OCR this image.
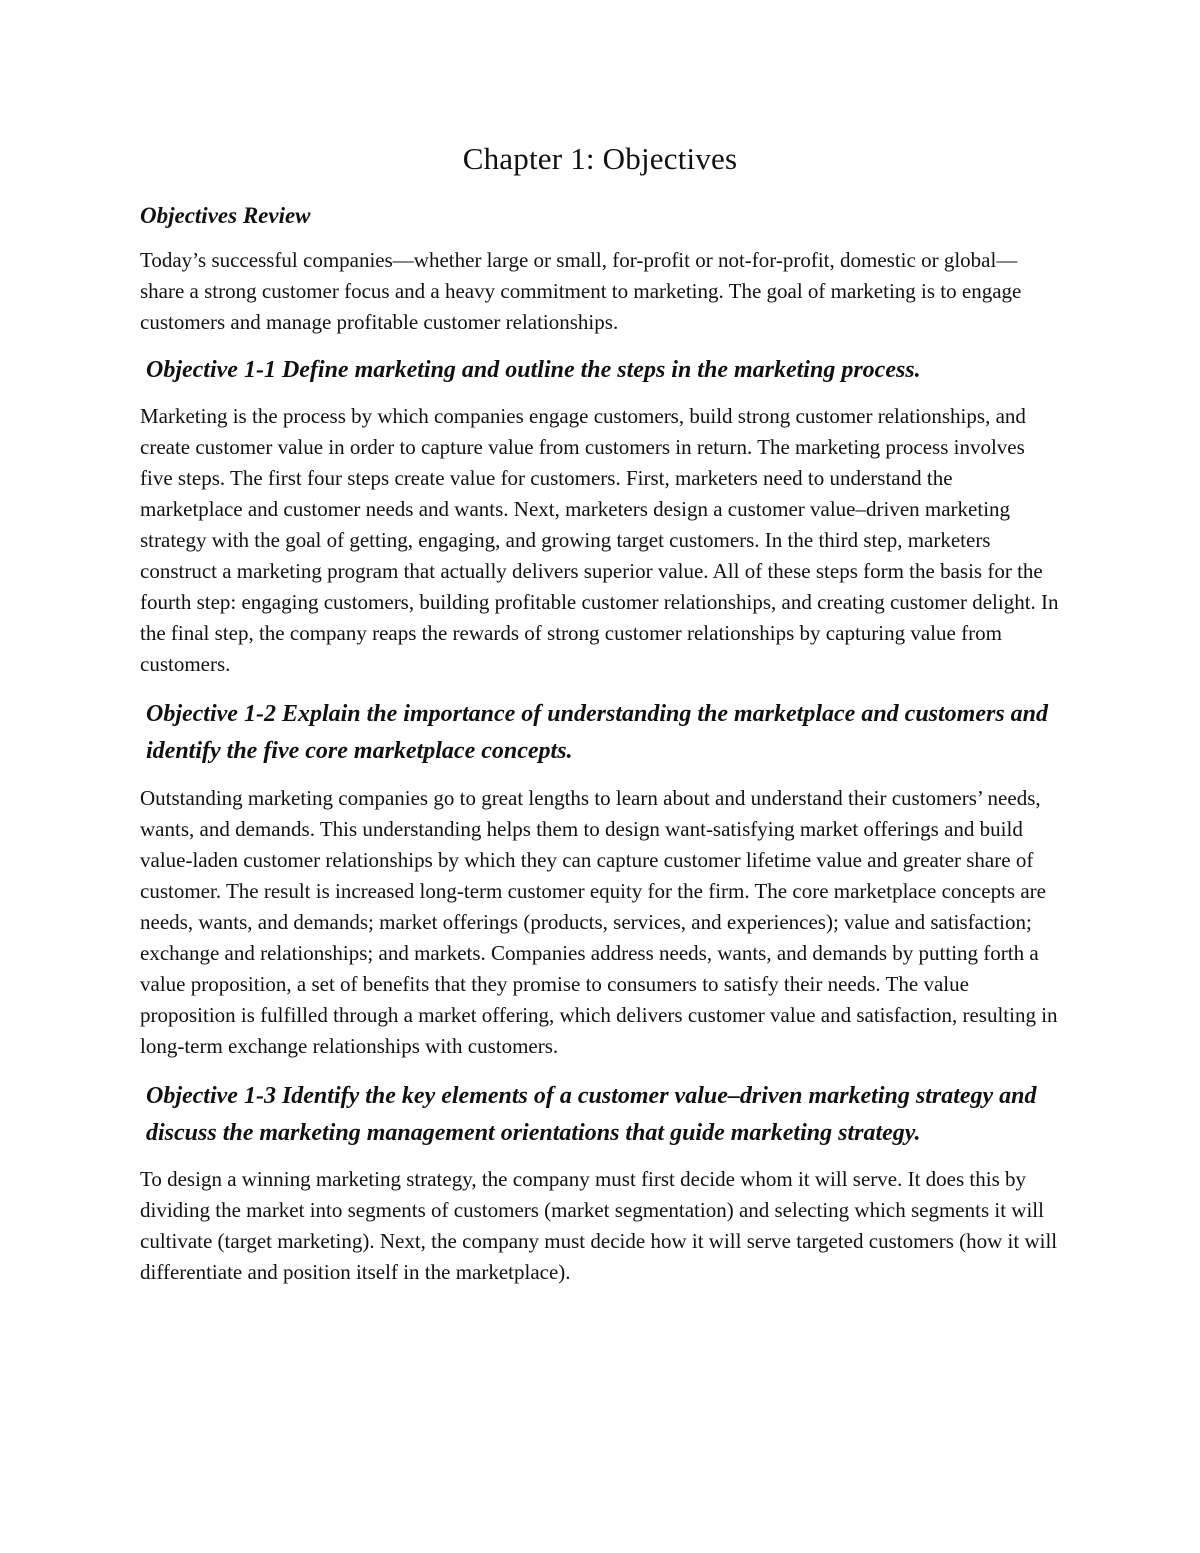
Chapter 1: Objectives
Objectives Review

Today’s successful companies—whether large or small, for-profit or not-for-profit, domestic or global—share a strong customer focus and a heavy commitment to marketing. The goal of marketing is to engage customers and manage profitable customer relationships.

Objective 1-1 Define marketing and outline the steps in the marketing process.

Marketing is the process by which companies engage customers, build strong customer relationships, and create customer value in order to capture value from customers in return. The marketing process involves five steps. The first four steps create value for customers. First, marketers need to understand the marketplace and customer needs and wants. Next, marketers design a customer value–driven marketing strategy with the goal of getting, engaging, and growing target customers. In the third step, marketers construct a marketing program that actually delivers superior value. All of these steps form the basis for the fourth step: engaging customers, building profitable customer relationships, and creating customer delight. In the final step, the company reaps the rewards of strong customer relationships by capturing value from customers.

Objective 1-2 Explain the importance of understanding the marketplace and customers and identify the five core marketplace concepts.

Outstanding marketing companies go to great lengths to learn about and understand their customers’ needs, wants, and demands. This understanding helps them to design want-satisfying market offerings and build value-laden customer relationships by which they can capture customer lifetime value and greater share of customer. The result is increased long-term customer equity for the firm. The core marketplace concepts are needs, wants, and demands; market offerings (products, services, and experiences); value and satisfaction; exchange and relationships; and markets. Companies address needs, wants, and demands by putting forth a value proposition, a set of benefits that they promise to consumers to satisfy their needs. The value proposition is fulfilled through a market offering, which delivers customer value and satisfaction, resulting in long-term exchange relationships with customers.

Objective 1-3 Identify the key elements of a customer value–driven marketing strategy and discuss the marketing management orientations that guide marketing strategy.

To design a winning marketing strategy, the company must first decide whom it will serve. It does this by dividing the market into segments of customers (market segmentation) and selecting which segments it will cultivate (target marketing). Next, the company must decide how it will serve targeted customers (how it will differentiate and position itself in the marketplace).
